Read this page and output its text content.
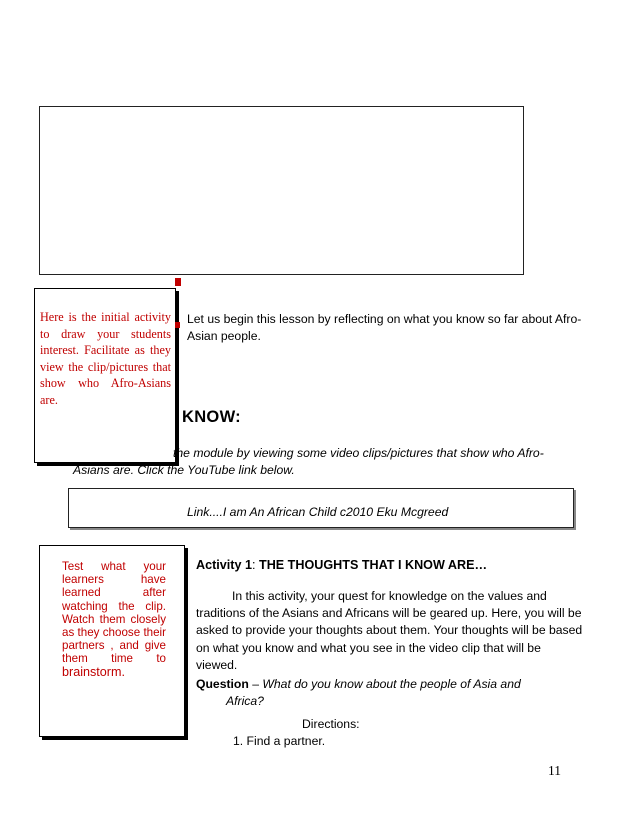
Here is the initial activity to draw your students interest. Facilitate as they view the clip/pictures that show who Afro-Asians are.
Let us begin this lesson by reflecting on what you know so far about Afro-Asian people.
KNOW:
the module by viewing some video clips/pictures that show who Afro-
Asians are. Click the YouTube link below.
Link....I am An African Child c2010 Eku Mcgreed
Test what your learners have learned after watching the clip. Watch them closely as they choose their partners , and give them time to brainstorm.
Activity 1: THE THOUGHTS THAT I KNOW ARE…
In this activity, your quest for knowledge on the values and
traditions of the Asians and Africans will be geared up. Here, you will be asked to provide your thoughts about them. Your thoughts will be based on what you know and what you see in the video clip that will be viewed.
Question – What do you know about the people of Asia and
Africa?
Directions:
1. Find a partner.
11
